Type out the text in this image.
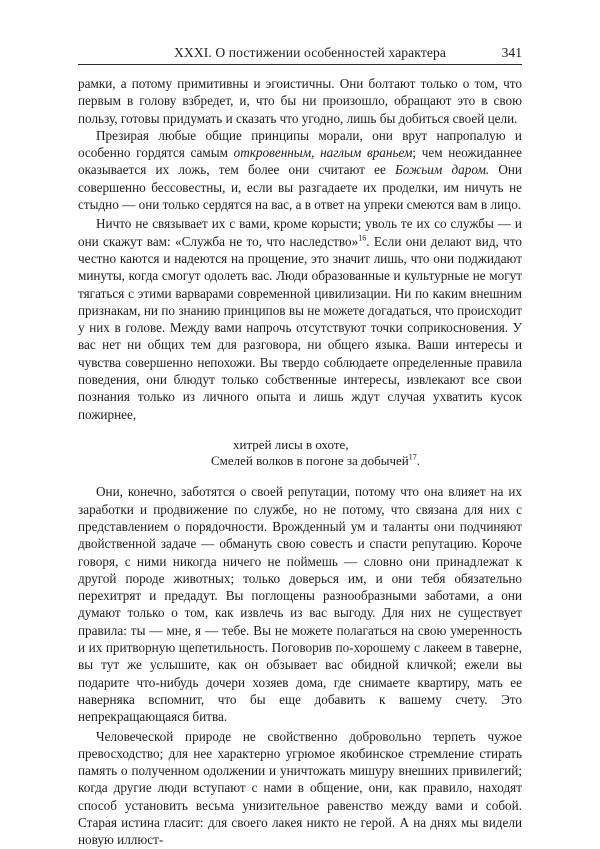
XXXI. О постижении особенностей характера	341

рамки, а потому примитивны и эгоистичны. Они болтают только о том, что первым в голову взбредет, и, что бы ни произошло, обращают это в свою пользу, готовы придумать и сказать что угодно, лишь бы добиться своей цели.

Презирая любые общие принципы морали, они врут напропалую и особенно гордятся самым откровенным, наглым враньем; чем неожиданнее оказывается их ложь, тем более они считают ее Божьим даром. Они совершенно бессовестны, и, если вы разгадаете их проделки, им ничуть не стыдно — они только сердятся на вас, а в ответ на упреки смеются вам в лицо.

Ничто не связывает их с вами, кроме корысти; уволь те их со службы — и они скажут вам: «Служба не то, что наследство»$^{16}$. Если они делают вид, что честно каются и надеются на прощение, это значит лишь, что они поджидают минуты, когда смогут одолеть вас. Люди образованные и культурные не могут тягаться с этими варварами современной цивилизации. Ни по каким внешним признакам, ни по знанию принципов вы не можете догадаться, что происходит у них в голове. Между вами напрочь отсутствуют точки соприкосновения. У вас нет ни общих тем для разговора, ни общего языка. Ваши интересы и чувства совершенно непохожи. Вы твердо соблюдаете определенные правила поведения, они блюдут только собственные интересы, извлекают все свои познания только из личного опыта и лишь ждут случая ухватить кусок пожирнее,

хитрей лисы в охоте,
Смелей волков в погоне за добычей$^{17}$.

Они, конечно, заботятся о своей репутации, потому что она влияет на их заработки и продвижение по службе, но не потому, что связана для них с представлением о порядочности. Врожденный ум и таланты они подчиняют двойственной задаче — обмануть свою совесть и спасти репутацию. Короче говоря, с ними никогда ничего не поймешь — словно они принадлежат к другой породе животных; только доверься им, и они тебя обязательно перехитрят и предадут. Вы поглощены разнообразными заботами, а они думают только о том, как извлечь из вас выгоду. Для них не существует правила: ты — мне, я — тебе. Вы не можете полагаться на свою умеренность и их притворную щепетильность. Поговорив по-хорошему с лакеем в таверне, вы тут же услышите, как он обзывает вас обидной кличкой; ежели вы подарите что-нибудь дочери хозяев дома, где снимаете квартиру, мать ее наверняка вспомнит, что бы еще добавить к вашему счету. Это непрекращающаяся битва.

Человеческой природе не свойственно добровольно терпеть чужое превосходство; для нее характерно угрюмое якобинское стремление стирать память о полученном одолжении и уничтожать мишуру внешних привилегий; когда другие люди вступают с нами в общение, они, как правило, находят способ установить весьма унизительное равенство между вами и собой. Старая истина гласит: для своего лакея никто не герой. А на днях мы видели новую иллюст-
